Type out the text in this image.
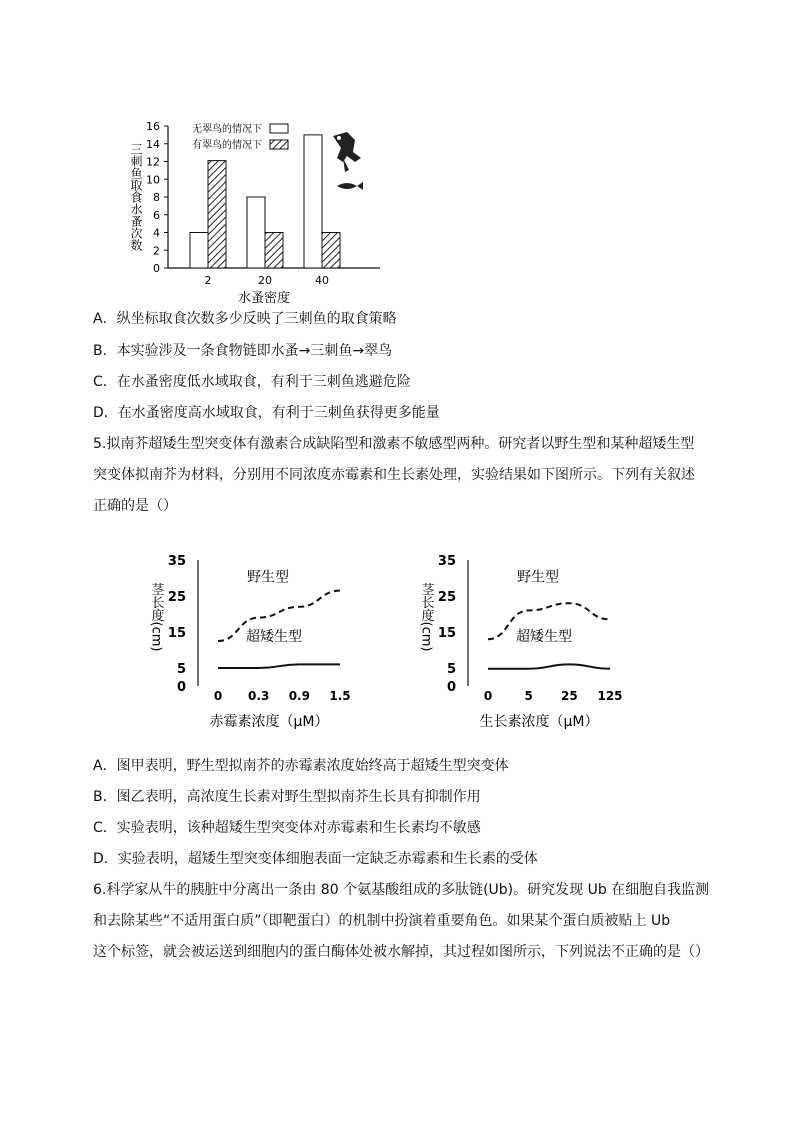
0
2
4
6
8
10
12
14
16
三刺鱼取食水蚤次数
2	20	40
水蚤密度
无翠鸟的情况下
有翠鸟的情况下
A．纵坐标取食次数多少反映了三刺鱼的取食策略
B．本实验涉及一条食物链即水蚤→三刺鱼→翠鸟
C．在水蚤密度低水域取食，有利于三刺鱼逃避危险
D．在水蚤密度高水域取食，有利于三刺鱼获得更多能量
5.拟南芥超矮生型突变体有激素合成缺陷型和激素不敏感型两种。研究者以野生型和某种超矮生型
突变体拟南芥为材料，分别用不同浓度赤霉素和生长素处理，实验结果如下图所示。下列有关叙述
正确的是（）
0
5
15
25
35
茎长度(cm)
0 0.3 0.9 1.5
赤霉素浓度（μM）
野生型
超矮生型
0
5
15
25
35
茎长度(cm)
0	5 25 125
生长素浓度（μM）
野生型
超矮生型
A．图甲表明，野生型拟南芥的赤霉素浓度始终高于超矮生型突变体
B．图乙表明，高浓度生长素对野生型拟南芥生长具有抑制作用
C．实验表明，该种超矮生型突变体对赤霉素和生长素均不敏感
D．实验表明，超矮生型突变体细胞表面一定缺乏赤霉素和生长素的受体
6.科学家从牛的胰脏中分离出一条由 80 个氨基酸组成的多肽链(Ub)。研究发现 Ub 在细胞自我监测
和去除某些“不适用蛋白质”（即靶蛋白）的机制中扮演着重要角色。如果某个蛋白质被贴上 Ub
这个标签，就会被运送到细胞内的蛋白酶体处被水解掉，其过程如图所示，下列说法不正确的是（）
